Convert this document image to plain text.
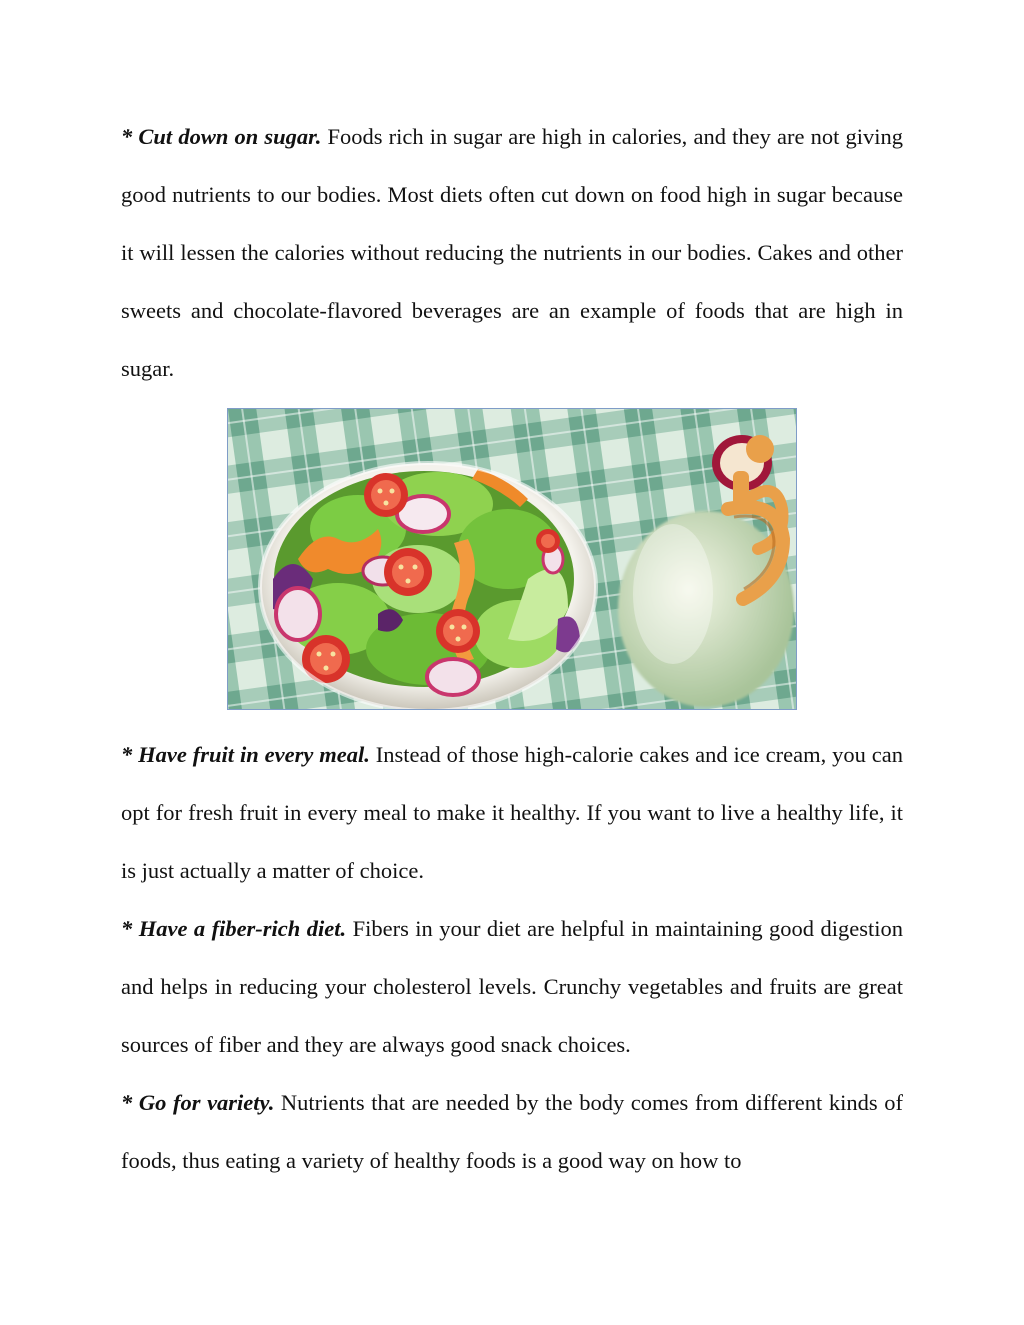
* Cut down on sugar. Foods rich in sugar are high in calories, and they are not giving good nutrients to our bodies. Most diets often cut down on food high in sugar because it will lessen the calories without reducing the nutrients in our bodies. Cakes and other sweets and chocolate-flavored beverages are an example of foods that are high in sugar.

* Have fruit in every meal. Instead of those high-calorie cakes and ice cream, you can opt for fresh fruit in every meal to make it healthy. If you want to live a healthy life, it is just actually a matter of choice.

* Have a fiber-rich diet. Fibers in your diet are helpful in maintaining good digestion and helps in reducing your cholesterol levels. Crunchy vegetables and fruits are great sources of fiber and they are always good snack choices.

* Go for variety. Nutrients that are needed by the body comes from different kinds of foods, thus eating a variety of healthy foods is a good way on how to
